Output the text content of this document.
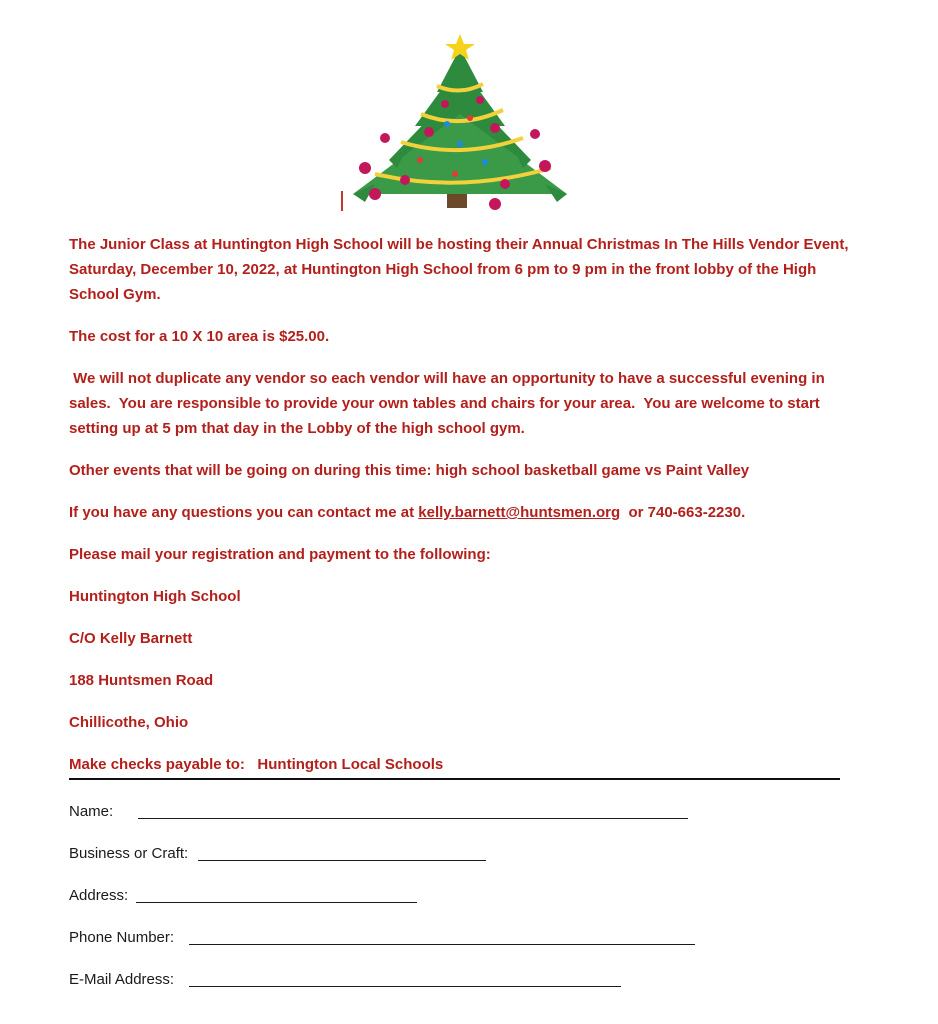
The Junior Class at Huntington High School will be hosting their Annual Christmas In The Hills Vendor Event, Saturday, December 10, 2022, at Huntington High School from 6 pm to 9 pm in the front lobby of the High School Gym.

The cost for a 10 X 10 area is $25.00.

We will not duplicate any vendor so each vendor will have an opportunity to have a successful evening in sales.  You are responsible to provide your own tables and chairs for your area.  You are welcome to start setting up at 5 pm that day in the Lobby of the high school gym.

Other events that will be going on during this time: high school basketball game vs Paint Valley

If you have any questions you can contact me at kelly.barnett@huntsmen.org  or 740-663-2230.

Please mail your registration and payment to the following:

Huntington High School

C/O Kelly Barnett

188 Huntsmen Road

Chillicothe, Ohio

Make checks payable to:   Huntington Local Schools

Name:
Business or Craft:
Address:
Phone Number:
E-Mail Address:
